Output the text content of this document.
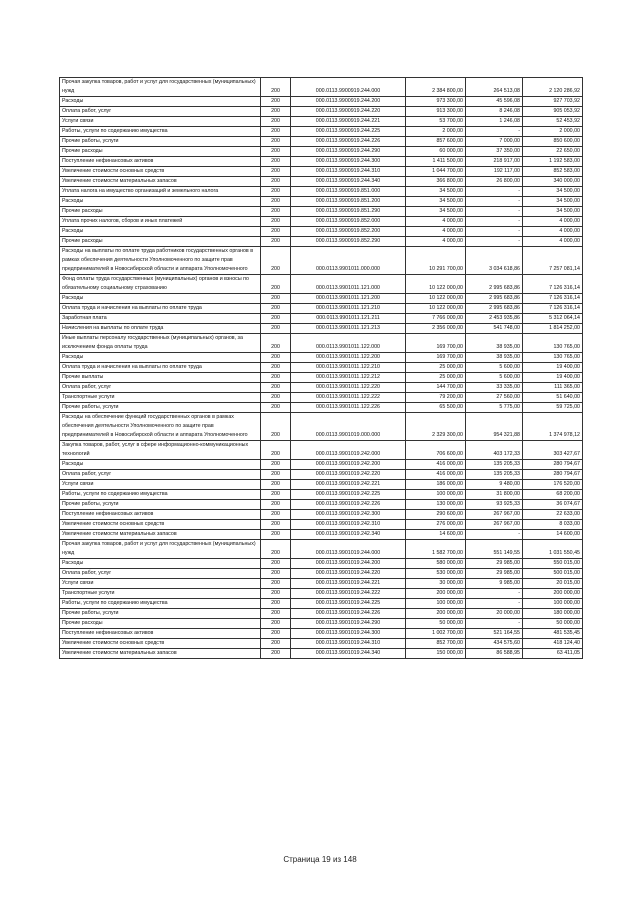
Прочая закупка товаров, работ и услуг для государственных (муниципальных) нужд	200	000.0113.9900919.244.000	2 384 800,00	264 513,08	2 120 286,92
Расходы	200	000.0113.9900919.244.200	973 300,00	45 596,08	927 703,92
Оплата работ, услуг	200	000.0113.9900919.244.220	913 300,00	8 246,08	905 053,92
Услуги связи	200	000.0113.9900919.244.221	53 700,00	1 246,08	52 453,92
Работы, услуги по содержанию имущества	200	000.0113.9900919.244.225	2 000,00	-	2 000,00
Прочие работы, услуги	200	000.0113.9900919.244.226	857 600,00	7 000,00	850 600,00
Прочие расходы	200	000.0113.9900919.244.290	60 000,00	37 350,00	22 650,00
Поступление нефинансовых активов	200	000.0113.9900919.244.300	1 411 500,00	218 917,00	1 192 583,00
Увеличение стоимости основных средств	200	000.0113.9900919.244.310	1 044 700,00	192 117,00	852 583,00
Увеличение стоимости материальных запасов	200	000.0113.9900919.244.340	366 800,00	26 800,00	340 000,00
Уплата налога на имущество организаций и земельного налога	200	000.0113.9900919.851.000	34 500,00	-	34 500,00
Расходы	200	000.0113.9900919.851.200	34 500,00	-	34 500,00
Прочие расходы	200	000.0113.9900919.851.290	34 500,00	-	34 500,00
Уплата прочих налогов, сборов и иных платежей	200	000.0113.9900919.852.000	4 000,00	-	4 000,00
Расходы	200	000.0113.9900919.852.200	4 000,00	-	4 000,00
Прочие расходы	200	000.0113.9900919.852.290	4 000,00	-	4 000,00
Расходы на выплаты по оплате труда работников государственных органов в рамках обеспечения деятельности Уполномоченного по защите прав предпринимателей в Новосибирской области и аппарата Уполномоченного	200	000.0113.9901011.000.000	10 291 700,00	3 034 618,86	7 257 081,14
Фонд оплаты труда государственных (муниципальных) органов и взносы по обязательному социальному страхованию	200	000.0113.9901011.121.000	10 122 000,00	2 995 683,86	7 126 316,14
Расходы	200	000.0113.9901011.121.200	10 122 000,00	2 995 683,86	7 126 316,14
Оплата труда и начисления на выплаты по оплате труда	200	000.0113.9901011.121.210	10 122 000,00	2 995 683,86	7 126 316,14
Заработная плата	200	000.0113.9901011.121.211	7 766 000,00	2 453 935,86	5 312 064,14
Начисления на выплаты по оплате труда	200	000.0113.9901011.121.213	2 356 000,00	541 748,00	1 814 252,00
Иные выплаты персоналу государственных (муниципальных) органов, за исключением фонда оплаты труда	200	000.0113.9901011.122.000	169 700,00	38 935,00	130 765,00
Расходы	200	000.0113.9901011.122.200	169 700,00	38 935,00	130 765,00
Оплата труда и начисления на выплаты по оплате труда	200	000.0113.9901011.122.210	25 000,00	5 600,00	19 400,00
Прочие выплаты	200	000.0113.9901011.122.212	25 000,00	5 600,00	19 400,00
Оплата работ, услуг	200	000.0113.9901011.122.220	144 700,00	33 335,00	111 365,00
Транспортные услуги	200	000.0113.9901011.122.222	79 200,00	27 560,00	51 640,00
Прочие работы, услуги	200	000.0113.9901011.122.226	65 500,00	5 775,00	59 725,00
Расходы на обеспечение функций государственных органов в рамках обеспечения деятельности Уполномоченного по защите прав предпринимателей в Новосибирской области и аппарата Уполномоченного	200	000.0113.9901019.000.000	2 329 300,00	954 321,88	1 374 978,12
Закупка товаров, работ, услуг в сфере информационно-коммуникационных технологий	200	000.0113.9901019.242.000	706 600,00	403 172,33	303 427,67
Расходы	200	000.0113.9901019.242.200	416 000,00	135 205,33	280 794,67
Оплата работ, услуг	200	000.0113.9901019.242.220	416 000,00	135 205,33	280 794,67
Услуги связи	200	000.0113.9901019.242.221	186 000,00	9 480,00	176 520,00
Работы, услуги по содержанию имущества	200	000.0113.9901019.242.225	100 000,00	31 800,00	68 200,00
Прочие работы, услуги	200	000.0113.9901019.242.226	130 000,00	93 925,33	36 074,67
Поступление нефинансовых активов	200	000.0113.9901019.242.300	290 600,00	267 967,00	22 633,00
Увеличение стоимости основных средств	200	000.0113.9901019.242.310	276 000,00	267 967,00	8 033,00
Увеличение стоимости материальных запасов	200	000.0113.9901019.242.340	14 600,00	-	14 600,00
Прочая закупка товаров, работ и услуг для государственных (муниципальных) нужд	200	000.0113.9901019.244.000	1 582 700,00	551 149,55	1 031 550,45
Расходы	200	000.0113.9901019.244.200	580 000,00	29 985,00	550 015,00
Оплата работ, услуг	200	000.0113.9901019.244.220	530 000,00	29 985,00	500 015,00
Услуги связи	200	000.0113.9901019.244.221	30 000,00	9 985,00	20 015,00
Транспортные услуги	200	000.0113.9901019.244.222	200 000,00	-	200 000,00
Работы, услуги по содержанию имущества	200	000.0113.9901019.244.225	100 000,00	-	100 000,00
Прочие работы, услуги	200	000.0113.9901019.244.226	200 000,00	20 000,00	180 000,00
Прочие расходы	200	000.0113.9901019.244.290	50 000,00	-	50 000,00
Поступление нефинансовых активов	200	000.0113.9901019.244.300	1 002 700,00	521 164,55	481 535,45
Увеличение стоимости основных средств	200	000.0113.9901019.244.310	852 700,00	434 575,60	418 124,40
Увеличение стоимости материальных запасов	200	000.0113.9901019.244.340	150 000,00	86 588,95	63 411,05
Страница 19 из 148
